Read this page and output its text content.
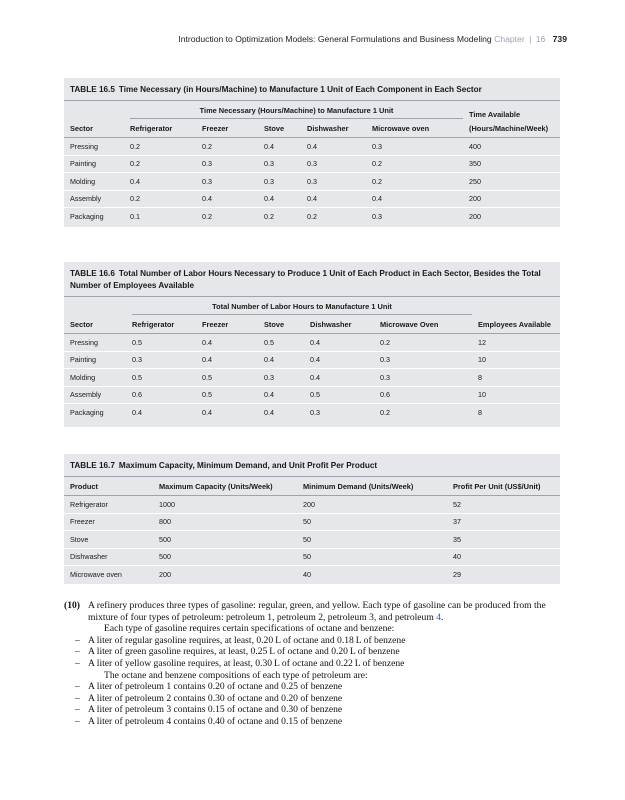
Introduction to Optimization Models: General Formulations and Business Modeling Chapter | 16 739
TABLE 16.5 Time Necessary (in Hours/Machine) to Manufacture 1 Unit of Each Component in Each Sector

	Time Necessary (Hours/Machine) to Manufacture 1 Unit					Time Available
Sector	Refrigerator	Freezer	Stove	Dishwasher	Microwave oven	(Hours/Machine/Week)
Pressing	0.2	0.2	0.4	0.4	0.3	400
Painting	0.2	0.3	0.3	0.3	0.2	350
Molding	0.4	0.3	0.3	0.3	0.2	250
Assembly	0.2	0.4	0.4	0.4	0.4	200
Packaging	0.1	0.2	0.2	0.2	0.3	200
TABLE 16.6 Total Number of Labor Hours Necessary to Produce 1 Unit of Each Product in Each Sector, Besides the Total Number of Employees Available

	Total Number of Labor Hours to Manufacture 1 Unit					

Sector	Refrigerator	Freezer	Stove	Dishwasher	Microwave Oven	Employees Available
Pressing	0.5	0.4	0.5	0.4	0.2	12
Painting	0.3	0.4	0.4	0.4	0.3	10
Molding	0.5	0.5	0.3	0.4	0.3	8
Assembly	0.6	0.5	0.4	0.5	0.6	10
Packaging	0.4	0.4	0.4	0.3	0.2	8
TABLE 16.7 Maximum Capacity, Minimum Demand, and Unit Profit Per Product
Product	Maximum Capacity (Units/Week)	Minimum Demand (Units/Week)	Profit Per Unit (US$/Unit)
Refrigerator	1000	200	52
Freezer	800	50	37
Stove	500	50	35
Dishwasher	500	50	40
Microwave oven	200	40	29
(10) A refinery produces three types of gasoline: regular, green, and yellow. Each type of gasoline can be produced from the mixture of four types of petroleum: petroleum 1, petroleum 2, petroleum 3, and petroleum 4.
Each type of gasoline requires certain specifications of octane and benzene:
– A liter of regular gasoline requires, at least, 0.20 L of octane and 0.18 L of benzene
– A liter of green gasoline requires, at least, 0.25 L of octane and 0.20 L of benzene
– A liter of yellow gasoline requires, at least, 0.30 L of octane and 0.22 L of benzene
The octane and benzene compositions of each type of petroleum are:
– A liter of petroleum 1 contains 0.20 of octane and 0.25 of benzene
– A liter of petroleum 2 contains 0.30 of octane and 0.20 of benzene
– A liter of petroleum 3 contains 0.15 of octane and 0.30 of benzene
– A liter of petroleum 4 contains 0.40 of octane and 0.15 of benzene
